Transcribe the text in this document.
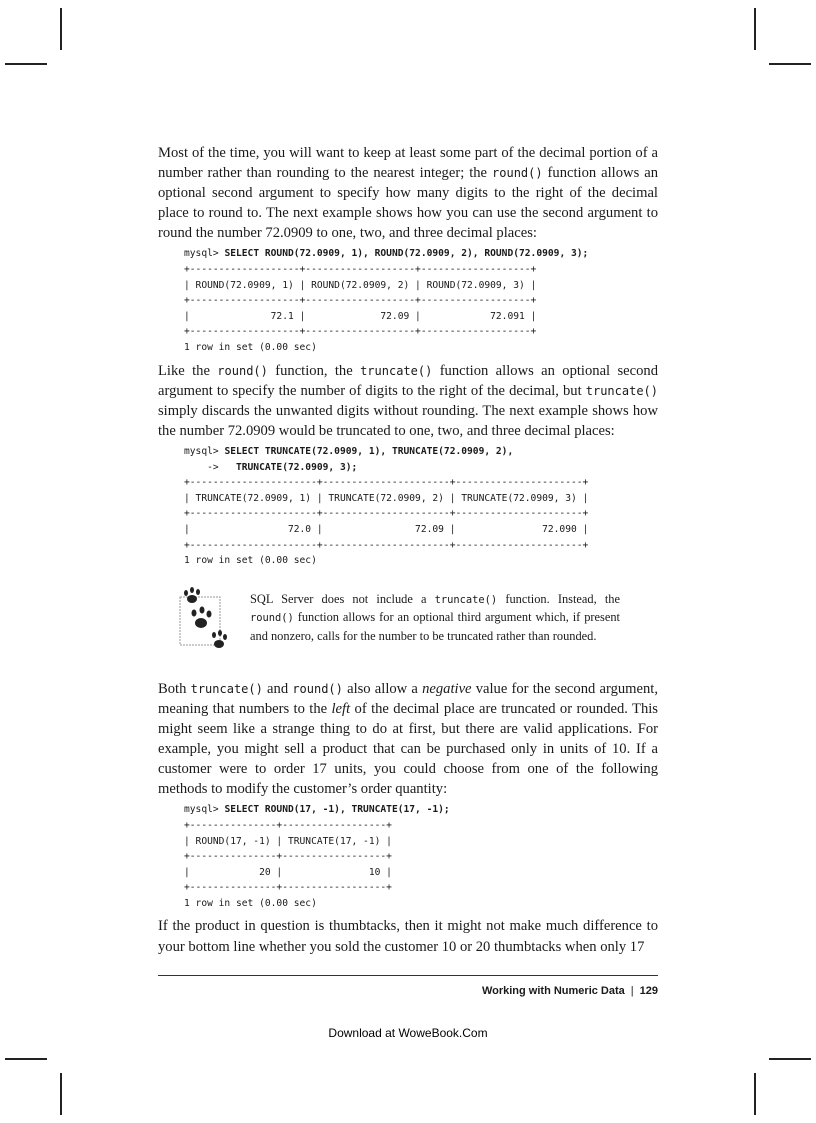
Most of the time, you will want to keep at least some part of the decimal portion of a number rather than rounding to the nearest integer; the round() function allows an optional second argument to specify how many digits to the right of the decimal place to round to. The next example shows how you can use the second argument to round the number 72.0909 to one, two, and three decimal places:

mysql> SELECT ROUND(72.0909, 1), ROUND(72.0909, 2), ROUND(72.0909, 3);
+-------------------+-------------------+-------------------+
| ROUND(72.0909, 1) | ROUND(72.0909, 2) | ROUND(72.0909, 3) |
+-------------------+-------------------+-------------------+
|              72.1 |             72.09 |            72.091 |
+-------------------+-------------------+-------------------+
1 row in set (0.00 sec)

Like the round() function, the truncate() function allows an optional second argument to specify the number of digits to the right of the decimal, but truncate() simply discards the unwanted digits without rounding. The next example shows how the number 72.0909 would be truncated to one, two, and three decimal places:

mysql> SELECT TRUNCATE(72.0909, 1), TRUNCATE(72.0909, 2),
->   TRUNCATE(72.0909, 3);
+----------------------+----------------------+----------------------+
| TRUNCATE(72.0909, 1) | TRUNCATE(72.0909, 2) | TRUNCATE(72.0909, 3) |
+----------------------+----------------------+----------------------+
|                 72.0 |                72.09 |               72.090 |
+----------------------+----------------------+----------------------+
1 row in set (0.00 sec)
SQL Server does not include a truncate() function. Instead, the round() function allows for an optional third argument which, if present and nonzero, calls for the number to be truncated rather than rounded.

Both truncate() and round() also allow a negative value for the second argument, meaning that numbers to the left of the decimal place are truncated or rounded. This might seem like a strange thing to do at first, but there are valid applications. For example, you might sell a product that can be purchased only in units of 10. If a customer were to order 17 units, you could choose from one of the following methods to modify the customer’s order quantity:

mysql> SELECT ROUND(17, -1), TRUNCATE(17, -1);
+---------------+------------------+
| ROUND(17, -1) | TRUNCATE(17, -1) |
+---------------+------------------+
|            20 |               10 |
+---------------+------------------+
1 row in set (0.00 sec)

If the product in question is thumbtacks, then it might not make much difference to your bottom line whether you sold the customer 10 or 20 thumbtacks when only 17

Working with Numeric Data | 129
Download at WoweBook.Com
